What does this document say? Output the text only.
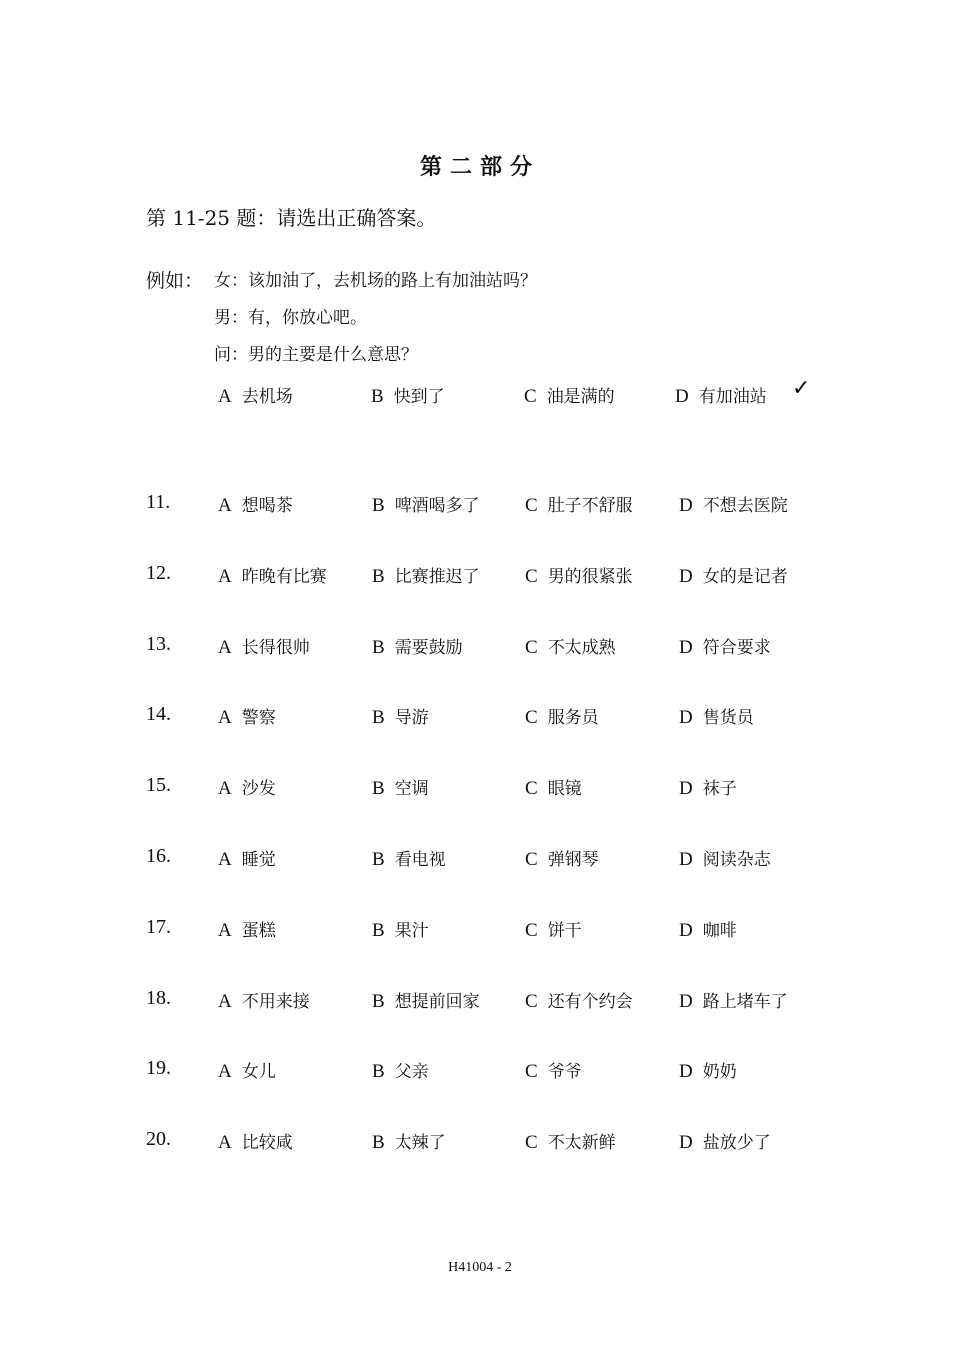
第二部分
第 11-25 题：请选出正确答案。
例如： 女：该加油了，去机场的路上有加油站吗？
男：有，你放心吧。
问：男的主要是什么意思？
A 去机场	B 快到了	C 油是满的	D 有加油站 ✓
11.	A 想喝茶	B 啤酒喝多了 C 肚子不舒服 D 不想去医院
12. A 昨晚有比赛 B 比赛推迟了 C 男的很紧张 D 女的是记者
13. A 长得很帅	B 需要鼓励	C 不太成熟	D 符合要求
14. A 警察	B 导游	C 服务员	D 售货员
15. A 沙发	B 空调	C 眼镜	D 袜子
16. A 睡觉	B 看电视	C 弹钢琴	D 阅读杂志
17. A 蛋糕	B 果汁	C 饼干	D 咖啡
18. A 不用来接	B 想提前回家 C 还有个约会 D 路上堵车了
19. A 女儿	B 父亲	C 爷爷	D 奶奶
20. A 比较咸	B 太辣了	C 不太新鲜	D 盐放少了
H41004 - 2
